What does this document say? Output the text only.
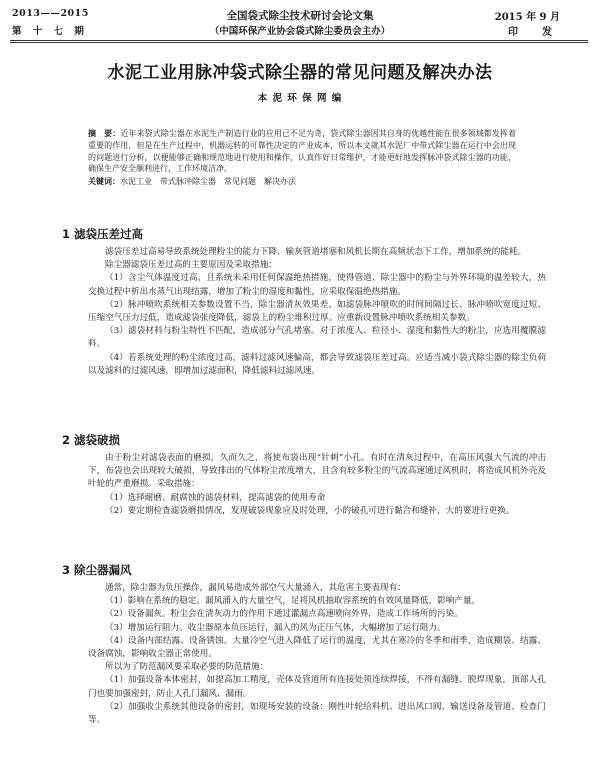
2013——2015
第 十 七 期
全国袋式除尘技术研讨会论文集
（中国环保产业协会袋式除尘委员会主办）
2015 年 9 月
印 发
水泥工业用脉冲袋式除尘器的常见问题及解决办法
本 泥 环 保 网 编
摘　要：近年来袋式除尘器在水泥生产制造行业的应用已不足为奇，袋式除尘器因其自身的优越性能在很多领域都发挥着重要的作用，但是在生产过程中，机器运转的可靠性决定的产业成本，所以本文就其水泥厂中带式除尘器在运行中会出现的问题进行分析，以便能够正确和规范地进行使用和操作，认真作好日常维护，才能更好地发挥脉冲袋式除尘器的功能，确保生产安全顺利进行，工作环境洁净。
关键词：水泥工业　带式脉冲除尘器　常见问题　解决办法
1 滤袋压差过高

滤袋压差过高易导致系统处理粉尘的能力下降、输灰管道堵塞和风机长期在高频状态下工作，增加系统的能耗。

除尘器滤袋压差过高的主要原因及采取措施：

（1）含尘气体温度过高，且系统未采用任何保温绝热措施，使得管道、除尘器中的粉尘与外界环境的温差较大，热交换过程中析出水蒸气出现结露，增加了粉尘的湿度和黏性，应采取保温绝热措施。

（2）脉冲喷吹系统相关参数设置不当，除尘器清灰效果差。如滤袋脉冲喷吹的时间间隔过长、脉冲喷吹宽度过短、压缩空气压力过低，造成滤袋张度降低，滤袋上的粉尘堆积过厚。应重新设置脉冲喷吹系统相关参数。

（3）滤袋材料与粉尘特性不匹配，造成部分气孔堵塞。对于浓度人、粒径小、湿度和黏性大的粉尘，应选用覆膜滤料。

（4）若系统处理的粉尘浓度过高，滤料过滤风速偏高，都会导致滤袋压差过高。应适当减小袋式除尘器的除尘负荷以及滤料的过滤风速，即增加过滤面积，降低滤料过滤风速。

2 滤袋破损

由于粉尘对滤袋表面的磨损，久而久之，将使布袋出现“针刺”小孔。有时在清灰过程中，在高压风强大气流的冲击下，布袋也会出现较大破损，导致排出的气体粉尘浓度增大，且含有较多粉尘的气流高速通过风机时，将造成风机外壳及叶轮的严重磨损。采取措施：

（1）选择耐磨、耐腐蚀的滤袋材料，提高滤袋的使用寿命

（2）要定期检查滤袋磨损情况，发现破袋现象应及时处理，小的破孔可进行黏合和缝补，大的要进行更换。

3 除尘器漏风

通常，除尘器为负压操作，漏风易造成外部空气大量涌入，其危害主要表现有：

（1）影响在系统的稳定。漏风涌入的大量空气，足将风机抽取容系统的有效风量降低，影响产量。

（2）设备漏灰。粉尘会在清灰动力的作用下通过灌漏点高速喷向外界，造成工作场所的污染。

（3）增加运行阻力。收尘器原本负压运行，漏入的风为正压气体，大幅增加了运行阻力。

（4）设备内部结露、设备锈蚀。大量冷空气进入降低了运行的温度，尤其在寒冷的冬季和雨季，造成糊袋、结露、设备腐蚀，影响收尘器正常使用。

所以为了防范漏风要采取必要的防范措施：

（1）加强设备本体密封，如提高加工精度，壳体及管道所有连接处须连续焊接，不得有漏缝、脱焊现象，顶部人孔门也要加强密封，防止人孔门漏风、漏雨。

（2）加强收尘系统其他设备的密封，如现场安装的设备：刚性叶轮给料机、进出风口阀、输送设备及管道、检查门等。
